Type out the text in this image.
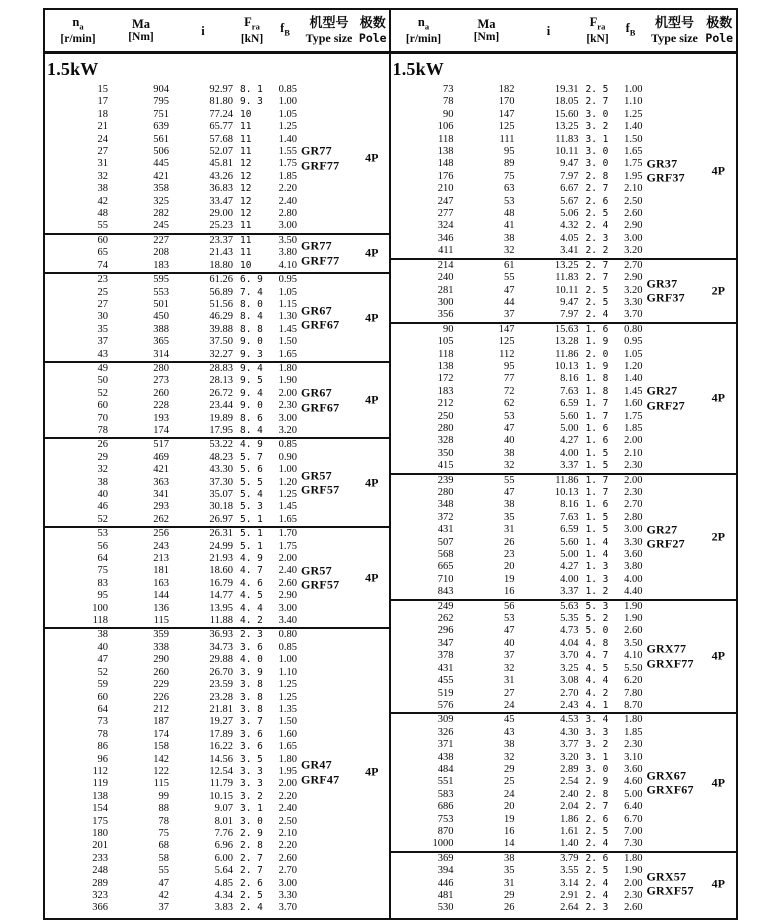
$n_a$
[r/min]
Ma
[Nm]	i
$F_{ra}$
[kN]
$f_B$
机型号
Type size
极数
Pole
1.5kW
15	904	92.97 8. 1	0.85
17	795	81.80 9. 3	1.00
18	751	77.24 10	1.05
21	639	65.77 11	1.25
24	561	57.68 11	1.40
27	506	52.07 11	1.55
31	445	45.81 12	1.75
32	421	43.26 12	1.85
38	358	36.83 12	2.20
42	325	33.47 12	2.40
48	282	29.00 12	2.80
55	245	25.23 11	3.00
GR77
GRF77
4P
60	227	23.37 11	3.50
65	208	21.43 11	3.80
74	183	18.80 10	4.10
GR77
GRF77
4P
23	595	61.26 6. 9	0.95
25	553	56.89 7. 4	1.05
27	501	51.56 8. 0	1.15
30	450	46.29 8. 4	1.30
35	388	39.88 8. 8	1.45
37	365	37.50 9. 0	1.50
43	314	32.27 9. 3	1.65
GR67
GRF67
4P
49	280	28.83 9. 4	1.80
50	273	28.13 9. 5	1.90
52	260	26.72 9. 4	2.00
60	228	23.44 9. 0	2.30
70	193	19.89 8. 6	3.00
78	174	17.95 8. 4	3.20
GR67
GRF67
4P
26	517	53.22 4. 9	0.85
29	469	48.23 5. 7	0.90
32	421	43.30 5. 6	1.00
38	363	37.30 5. 5	1.20
40	341	35.07 5. 4	1.25
46	293	30.18 5. 3	1.45
52	262	26.97 5. 1	1.65
GR57
GRF57
4P
53	256	26.31 5. 1	1.70
56	243	24.99 5. 1	1.75
64	213	21.93 4. 9	2.00
75	181	18.60 4. 7	2.40
83	163	16.79 4. 6	2.60
95	144	14.77 4. 5	2.90
100	136	13.95 4. 4	3.00
118	115	11.88 4. 2	3.40
GR57
GRF57
4P
38	359	36.93 2. 3	0.80
40	338	34.73 3. 6	0.85
47	290	29.88 4. 0	1.00
52	260	26.70 3. 9	1.10
59	229	23.59 3. 8	1.25
60	226	23.28 3. 8	1.25
64	212	21.81 3. 8	1.35
73	187	19.27 3. 7	1.50
78	174	17.89 3. 6	1.60
86	158	16.22 3. 6	1.65
96	142	14.56 3. 5	1.80
112	122	12.54 3. 3	1.95
119	115	11.79 3. 3	2.00
138	99	10.15 3. 2	2.20
154	88	9.07 3. 1	2.40
175	78	8.01 3. 0	2.50
180	75	7.76 2. 9	2.10
201	68	6.96 2. 8	2.20
233	58	6.00 2. 7	2.60
248	55	5.64 2. 7	2.70
289	47	4.85 2. 6	3.00
323	42	4.34 2. 5	3.30
366	37	3.83 2. 4	3.70
GR47
GRF47
4P
$n_a$
[r/min]
Ma
[Nm]	i
$F_{ra}$
[kN]
$f_B$
机型号
Type size
极数
Pole
1.5kW
73	182	19.31 2. 5	1.00
78	170	18.05 2. 7	1.10
90	147	15.60 3. 0	1.25
106	125	13.25 3. 2	1.40
118	111	11.83 3. 1	1.50
138	95	10.11 3. 0	1.65
148	89	9.47 3. 0	1.75
176	75	7.97 2. 8	1.95
210	63	6.67 2. 7	2.10
247	53	5.67 2. 6	2.50
277	48	5.06 2. 5	2.60
324	41	4.32 2. 4	2.90
346	38	4.05 2. 3	3.00
411	32	3.41 2. 2	3.20
GR37
GRF37
4P
214	61	13.25 2. 7	2.70
240	55	11.83 2. 7	2.90
281	47	10.11 2. 5	3.20
300	44	9.47 2. 5	3.30
356	37	7.97 2. 4	3.70
GR37
GRF37
2P
90	147	15.63 1. 6	0.80
105	125	13.28 1. 9	0.95
118	112	11.86 2. 0	1.05
138	95	10.13 1. 9	1.20
172	77	8.16 1. 8	1.40
183	72	7.63 1. 8	1.45
212	62	6.59 1. 7	1.60
250	53	5.60 1. 7	1.75
280	47	5.00 1. 6	1.85
328	40	4.27 1. 6	2.00
350	38	4.00 1. 5	2.10
415	32	3.37 1. 5	2.30
GR27
GRF27
4P
239	55	11.86 1. 7	2.00
280	47	10.13 1. 7	2.30
348	38	8.16 1. 6	2.70
372	35	7.63 1. 5	2.80
431	31	6.59 1. 5	3.00
507	26	5.60 1. 4	3.30
568	23	5.00 1. 4	3.60
665	20	4.27 1. 3	3.80
710	19	4.00 1. 3	4.00
843	16	3.37 1. 2	4.40
GR27
GRF27
2P
249	56	5.63 5. 3	1.90
262	53	5.35 5. 2	1.90
296	47	4.73 5. 0	2.60
347	40	4.04 4. 8	3.50
378	37	3.70 4. 7	4.10
431	32	3.25 4. 5	5.50
455	31	3.08 4. 4	6.20
519	27	2.70 4. 2	7.80
576	24	2.43 4. 1	8.70
GRX77
GRXF77
4P
309	45	4.53 3. 4	1.80
326	43	4.30 3. 3	1.85
371	38	3.77 3. 2	2.30
438	32	3.20 3. 1	3.10
484	29	2.89 3. 0	3.60
551	25	2.54 2. 9	4.60
583	24	2.40 2. 8	5.00
686	20	2.04 2. 7	6.40
753	19	1.86 2. 6	6.70
870	16	1.61 2. 5	7.00
1000	14	1.40 2. 4	7.30
GRX67
GRXF67
4P
369	38	3.79 2. 6	1.80
394	35	3.55 2. 5	1.90
446	31	3.14 2. 4	2.00
481	29	2.91 2. 4	2.30
530	26	2.64 2. 3	2.60
GRX57
GRXF57
4P
